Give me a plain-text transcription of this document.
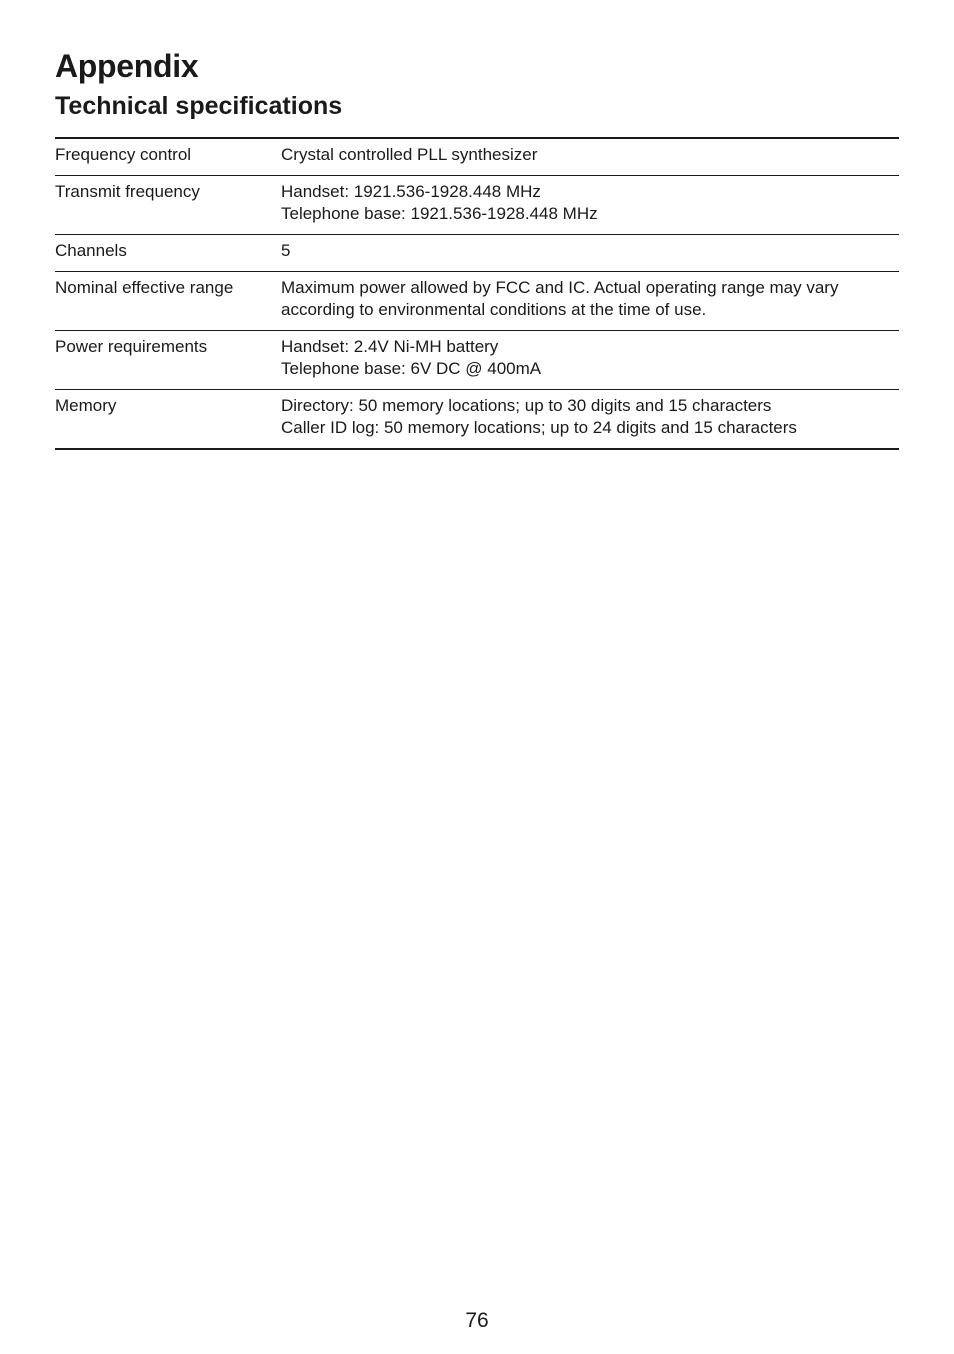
Appendix
Technical specifications
Frequency control	Crystal controlled PLL synthesizer
Transmit frequency	Handset: 1921.536-1928.448 MHz
Telephone base: 1921.536-1928.448 MHz
Channels	5
Nominal effective range	Maximum power allowed by FCC and IC. Actual operating range may vary
according to environmental conditions at the time of use.
Power requirements	Handset: 2.4V Ni-MH battery
Telephone base: 6V DC @ 400mA
Memory	Directory: 50 memory locations; up to 30 digits and 15 characters
Caller ID log: 50 memory locations; up to 24 digits and 15 characters
76
